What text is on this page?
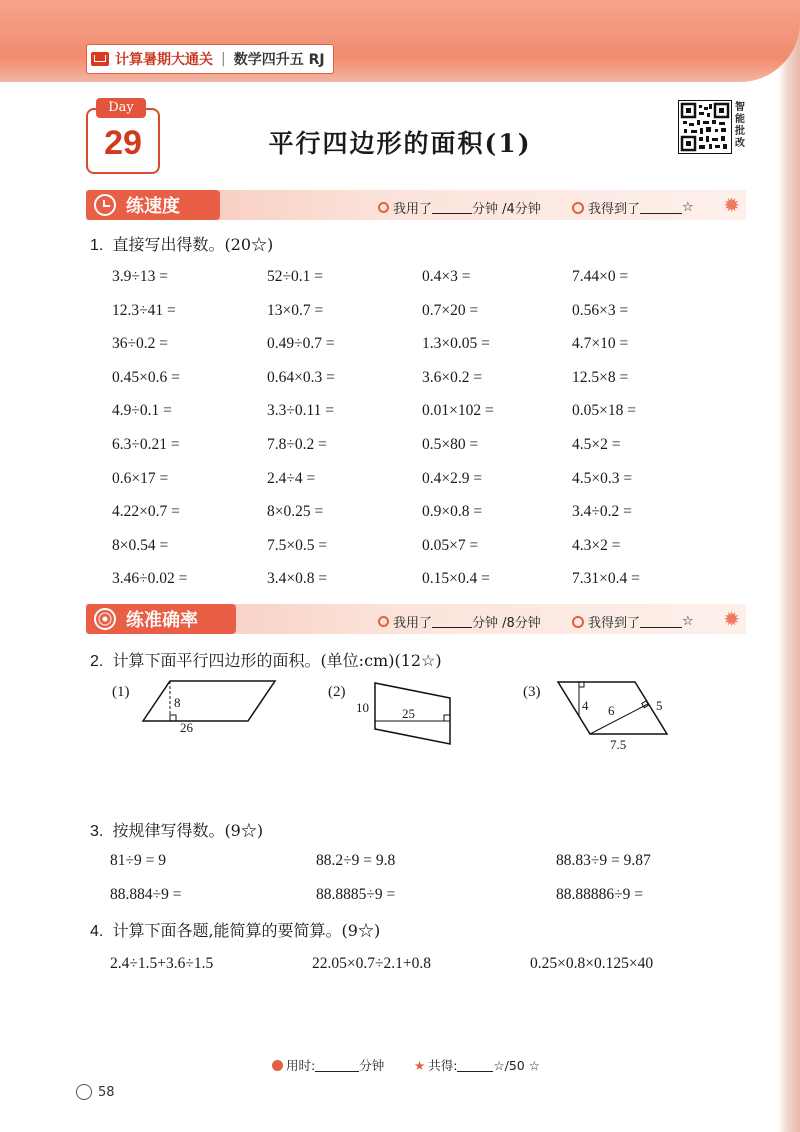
计算暑期大通关 | 数学四升五 RJ
Day
29	平行四边形的面积(1)
智
能
批
改
练速度	我用了	分钟 /4分钟	我得到了	☆ ✹
1. 直接写出得数。(20☆)
3.9÷13 =	52÷0.1 =	0.4×3 =	7.44×0 =
12.3÷41 =	13×0.7 =	0.7×20 =	0.56×3 =
36÷0.2 =	0.49÷0.7 =	1.3×0.05 =	4.7×10 =
0.45×0.6 =	0.64×0.3 =	3.6×0.2 =	12.5×8 =
4.9÷0.1 =	3.3÷0.11 =	0.01×102 =	0.05×18 =
6.3÷0.21 =	7.8÷0.2 =	0.5×80 =	4.5×2 =
0.6×17 =	2.4÷4 =	0.4×2.9 =	4.5×0.3 =
4.22×0.7 =	8×0.25 =	0.9×0.8 =	3.4÷0.2 =
8×0.54 =	7.5×0.5 =	0.05×7 =	4.3×2 =
3.46÷0.02 =	3.4×0.8 =	0.15×0.4 =	7.31×0.4 =
练准确率	我用了	分钟 /8分钟	我得到了	☆ ✹
2. 计算下面平行四边形的面积。(单位:cm)(12☆)
(1)
8
26
(2)
10	25
(3)
4 6	5
7.5
3. 按规律写得数。(9☆)
81÷9 = 9	88.2÷9 = 9.8	88.83÷9 = 9.87
88.884÷9 =	88.8885÷9 =	88.88886÷9 =
4. 计算下面各题,能简算的要简算。(9☆)
2.4÷1.5+3.6÷1.5	22.05×0.7÷2.1+0.8	0.25×0.8×0.125×40
用时:	分钟 ★ 共得:	☆/50 ☆
58
